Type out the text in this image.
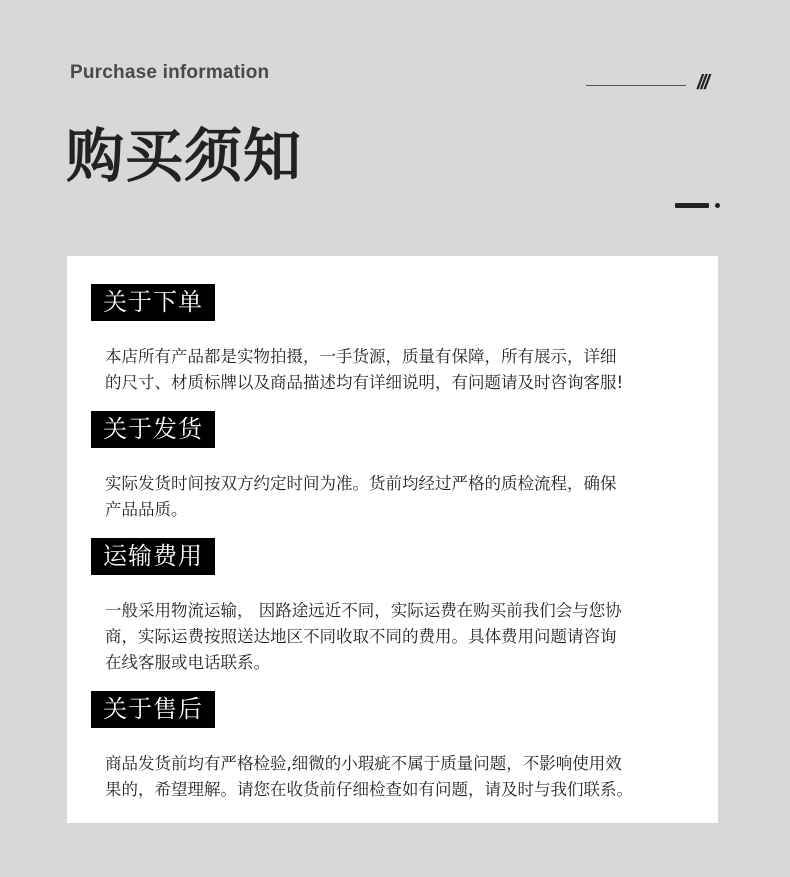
Purchase information	///
购买须知
关于下单
本店所有产品都是实物拍摄，一手货源，质量有保障，所有展示，详细
的尺寸、材质标牌以及商品描述均有详细说明，有问题请及时咨询客服!
关于发货
实际发货时间按双方约定时间为准。货前均经过严格的质检流程，确保
产品品质。
运输费用
一般采用物流运输， 因路途远近不同，实际运费在购买前我们会与您协
商，实际运费按照送达地区不同收取不同的费用。具体费用问题请咨询
在线客服或电话联系。
关于售后
商品发货前均有严格检验,细微的小瑕疵不属于质量问题，不影响使用效
果的，希望理解。请您在收货前仔细检查如有问题，请及时与我们联系。
